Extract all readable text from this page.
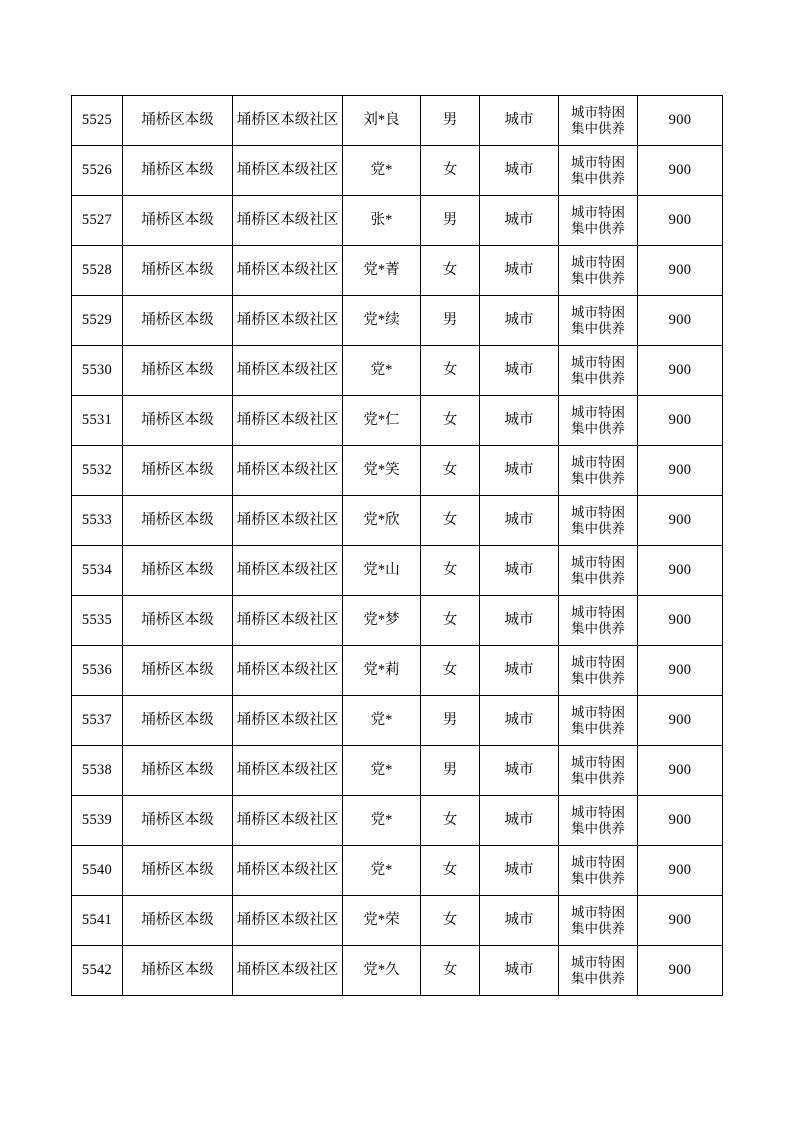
5525	埇桥区本级	埇桥区本级社区	刘*良	男	城市	城市特困
集中供养	900
5526	埇桥区本级	埇桥区本级社区	党*	女	城市	城市特困
集中供养	900
5527	埇桥区本级	埇桥区本级社区	张*	男	城市	城市特困
集中供养	900
5528	埇桥区本级	埇桥区本级社区	党*菁	女	城市	城市特困
集中供养	900
5529	埇桥区本级	埇桥区本级社区	党*续	男	城市	城市特困
集中供养	900
5530	埇桥区本级	埇桥区本级社区	党*	女	城市	城市特困
集中供养	900
5531	埇桥区本级	埇桥区本级社区	党*仁	女	城市	城市特困
集中供养	900
5532	埇桥区本级	埇桥区本级社区	党*笑	女	城市	城市特困
集中供养	900
5533	埇桥区本级	埇桥区本级社区	党*欣	女	城市	城市特困
集中供养	900
5534	埇桥区本级	埇桥区本级社区	党*山	女	城市	城市特困
集中供养	900
5535	埇桥区本级	埇桥区本级社区	党*梦	女	城市	城市特困
集中供养	900
5536	埇桥区本级	埇桥区本级社区	党*莉	女	城市	城市特困
集中供养	900
5537	埇桥区本级	埇桥区本级社区	党*	男	城市	城市特困
集中供养	900
5538	埇桥区本级	埇桥区本级社区	党*	男	城市	城市特困
集中供养	900
5539	埇桥区本级	埇桥区本级社区	党*	女	城市	城市特困
集中供养	900
5540	埇桥区本级	埇桥区本级社区	党*	女	城市	城市特困
集中供养	900
5541	埇桥区本级	埇桥区本级社区	党*荣	女	城市	城市特困
集中供养	900
5542	埇桥区本级	埇桥区本级社区	党*久	女	城市	城市特困
集中供养	900
